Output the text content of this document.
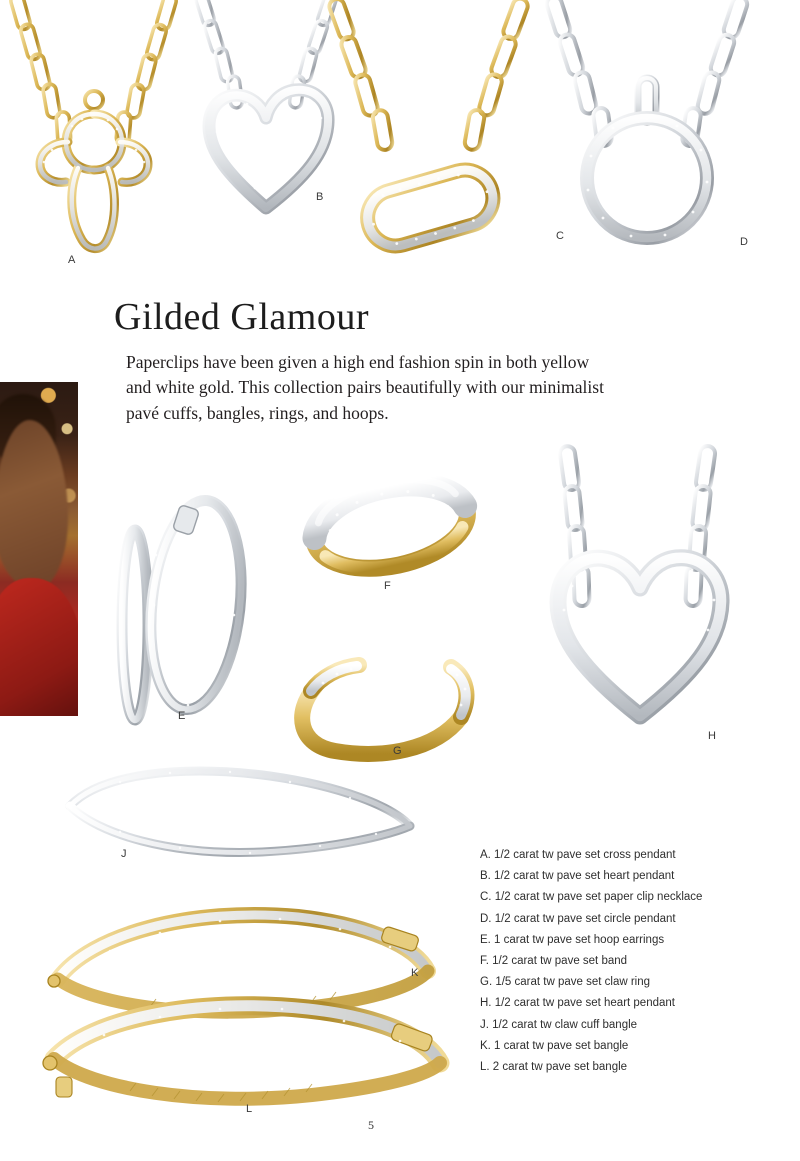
A
B
C	D
Gilded Glamour

Paperclips have been given a high end fashion spin in both yellow and white gold. This collection pairs beautifully with our minimalist pavé cuffs, bangles, rings, and hoops.

E
F
G
H
J
K
L
A. 1/2 carat tw pave set cross pendant
B. 1/2 carat tw pave set heart pendant
C. 1/2 carat tw pave set paper clip necklace
D. 1/2 carat tw pave set circle pendant
E. 1 carat tw pave set hoop earrings
F. 1/2 carat tw pave set band
G. 1/5 carat tw pave set claw ring
H. 1/2 carat tw pave set heart pendant
J. 1/2 carat tw claw cuff bangle
K. 1 carat tw pave set bangle
L. 2 carat tw pave set bangle
5
